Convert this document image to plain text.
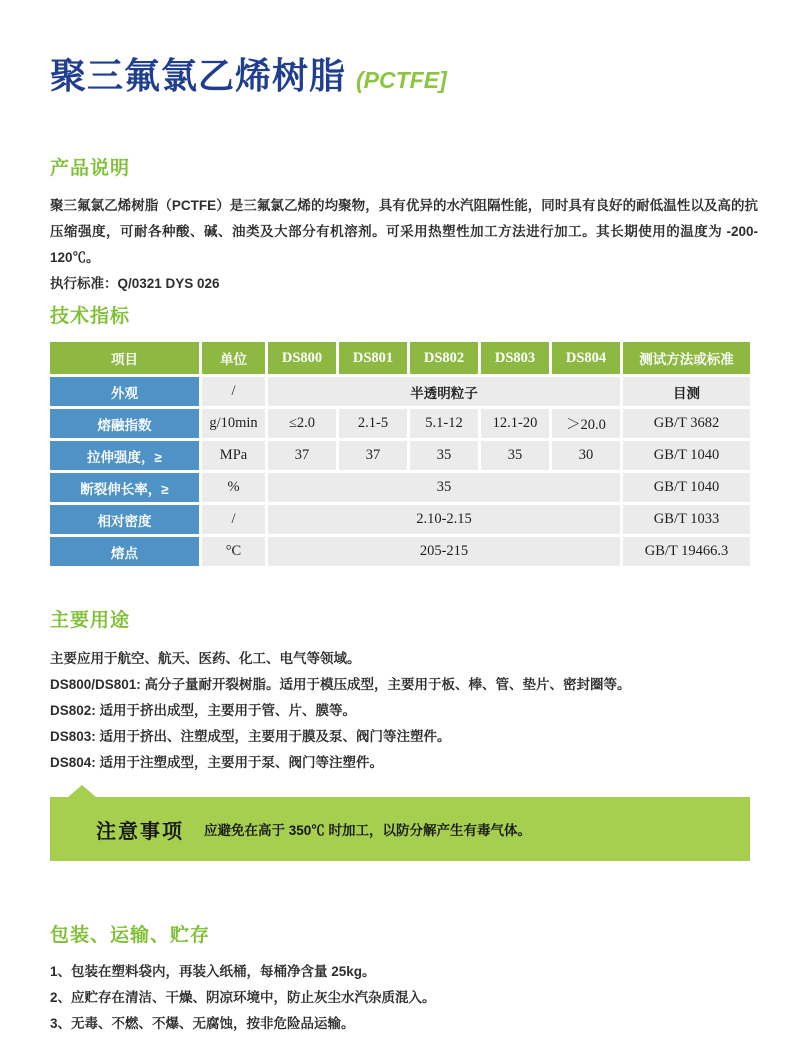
聚三氟氯乙烯树脂 (PCTFE]
产品说明
聚三氟氯乙烯树脂（PCTFE）是三氟氯乙烯的均聚物，具有优异的水汽阻隔性能，同时具有良好的耐低温性以及高的抗压缩强度，可耐各种酸、碱、油类及大部分有机溶剂。可采用热塑性加工方法进行加工。其长期使用的温度为 -200-120℃。
执行标准：Q/0321 DYS 026
技术指标
项目	单位	DS800	DS801	DS802	DS803	DS804	测试方法或标准
外观	/	半透明粒子					目测
熔融指数	g/10min	≤2.0	2.1-5	5.1-12	12.1-20	＞20.0	GB/T 3682
拉伸强度，≥	MPa	37	37	35	35	30	GB/T 1040
断裂伸长率，≥	%	35					GB/T 1040
相对密度	/	2.10-2.15					GB/T 1033
熔点	°C	205-215					GB/T 19466.3
主要用途
主要应用于航空、航天、医药、化工、电气等领域。
DS800/DS801: 高分子量耐开裂树脂。适用于模压成型，主要用于板、棒、管、垫片、密封圈等。
DS802: 适用于挤出成型，主要用于管、片、膜等。
DS803: 适用于挤出、注塑成型，主要用于膜及泵、阀门等注塑件。
DS804: 适用于注塑成型，主要用于泵、阀门等注塑件。
注意事项 应避免在高于 350℃ 时加工，以防分解产生有毒气体。
包装、运输、贮存
1、包装在塑料袋内，再装入纸桶，每桶净含量 25kg。
2、应贮存在清洁、干燥、阴凉环境中，防止灰尘水汽杂质混入。
3、无毒、不燃、不爆、无腐蚀，按非危险品运输。
